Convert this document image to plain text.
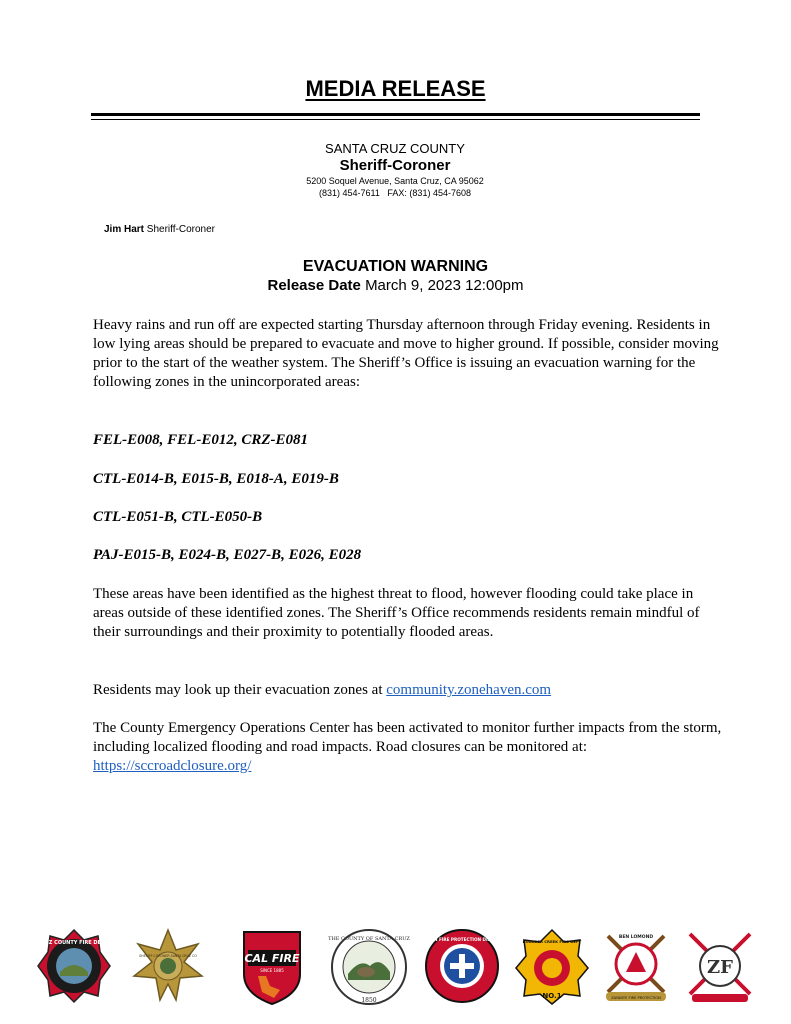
MEDIA RELEASE
SANTA CRUZ COUNTY
Sheriff-Coroner
5200 Soquel Avenue, Santa Cruz, CA 95062
(831) 454-7611 FAX: (831) 454-7608
Jim Hart Sheriff-Coroner
EVACUATION WARNING
Release Date March 9, 2023 12:00pm

Heavy rains and run off are expected starting Thursday afternoon through Friday evening. Residents in low lying areas should be prepared to evacuate and move to higher ground. If possible, consider moving prior to the start of the weather system. The Sheriff’s Office is issuing an evacuation warning for the following zones in the unincorporated areas:

FEL-E008, FEL-E012, CRZ-E081

CTL-E014-B, E015-B, E018-A, E019-B

CTL-E051-B, CTL-E050-B

PAJ-E015-B, E024-B, E027-B, E026, E028

These areas have been identified as the highest threat to flood, however flooding could take place in areas outside of these identified zones. The Sheriff’s Office recommends residents remain mindful of their surroundings and their proximity to potentially flooded areas.

Residents may look up their evacuation zones at community.zonehaven.com

The County Emergency Operations Center has been activated to monitor further impacts from the storm, including localized flooding and road impacts. Road closures can be monitored at: https://sccroadclosure.org/

SANTA CRUZ COUNTY FIRE DEPARTMENT
SHERIFF-CORONER SANTA CRUZ CO	CAL FIRE
SINCE 1885
THE COUNTY OF SANTA CRUZ
1850
FELTON FIRE PROTECTION DISTRICT	BOULDER CREEK FIRE DEPT
NO.1
BEN LOMOND
ZAYANTE FIRE PROTECTION
ZF
